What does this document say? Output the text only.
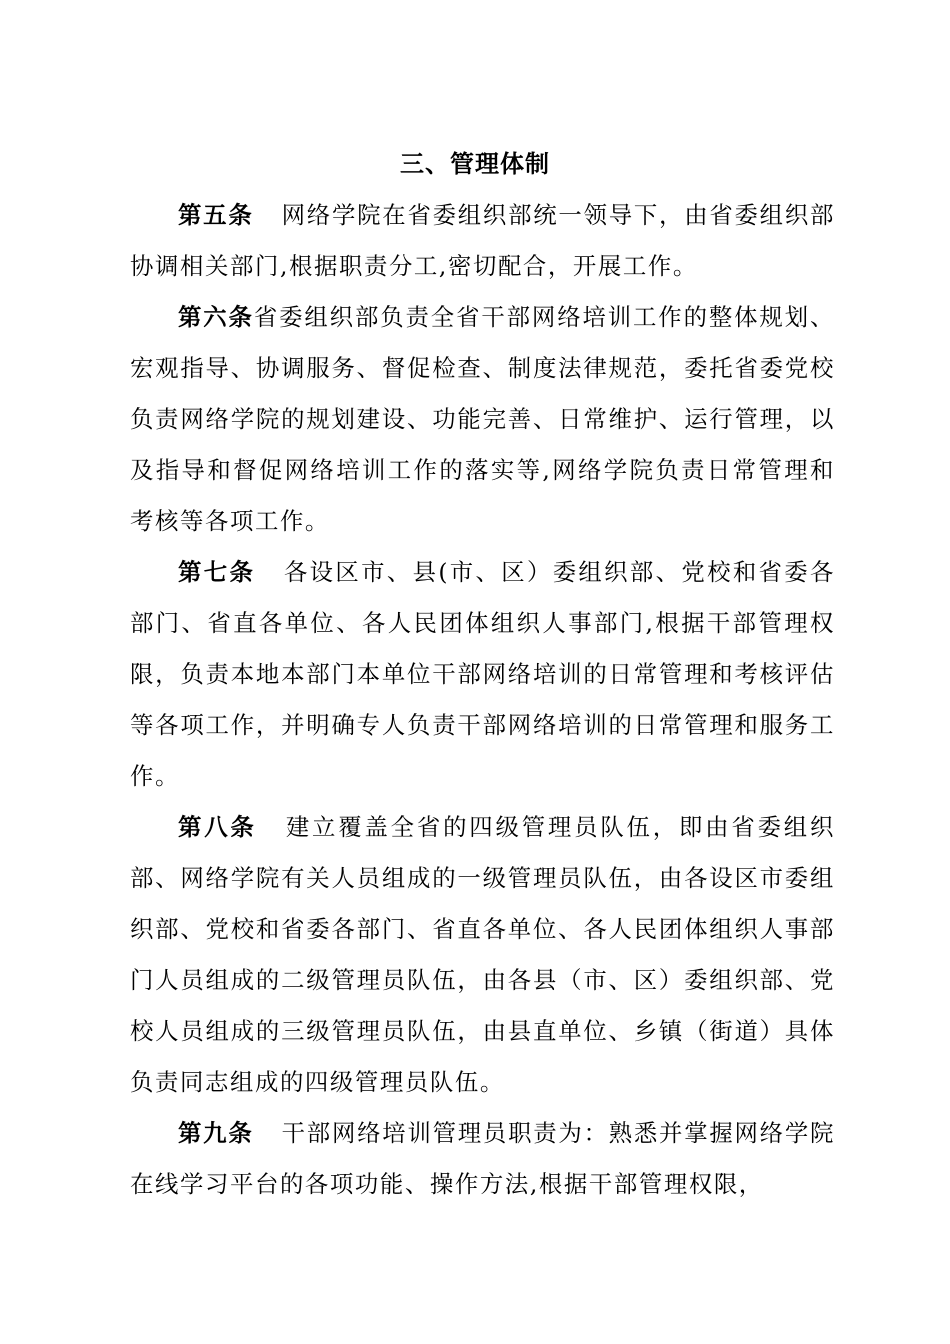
三、管理体制

第五条 网络学院在省委组织部统一领导下，由省委组织部协调相关部门,根据职责分工,密切配合，开展工作。

第六条省委组织部负责全省干部网络培训工作的整体规划、宏观指导、协调服务、督促检查、制度法律规范，委托省委党校负责网络学院的规划建设、功能完善、日常维护、运行管理，以及指导和督促网络培训工作的落实等,网络学院负责日常管理和考核等各项工作。

第七条 各设区市、县(市、区）委组织部、党校和省委各部门、省直各单位、各人民团体组织人事部门,根据干部管理权限，负责本地本部门本单位干部网络培训的日常管理和考核评估等各项工作，并明确专人负责干部网络培训的日常管理和服务工作。

第八条 建立覆盖全省的四级管理员队伍，即由省委组织部、网络学院有关人员组成的一级管理员队伍，由各设区市委组织部、党校和省委各部门、省直各单位、各人民团体组织人事部门人员组成的二级管理员队伍，由各县（市、区）委组织部、党校人员组成的三级管理员队伍，由县直单位、乡镇（街道）具体负责同志组成的四级管理员队伍。

第九条 干部网络培训管理员职责为：熟悉并掌握网络学院在线学习平台的各项功能、操作方法,根据干部管理权限，
